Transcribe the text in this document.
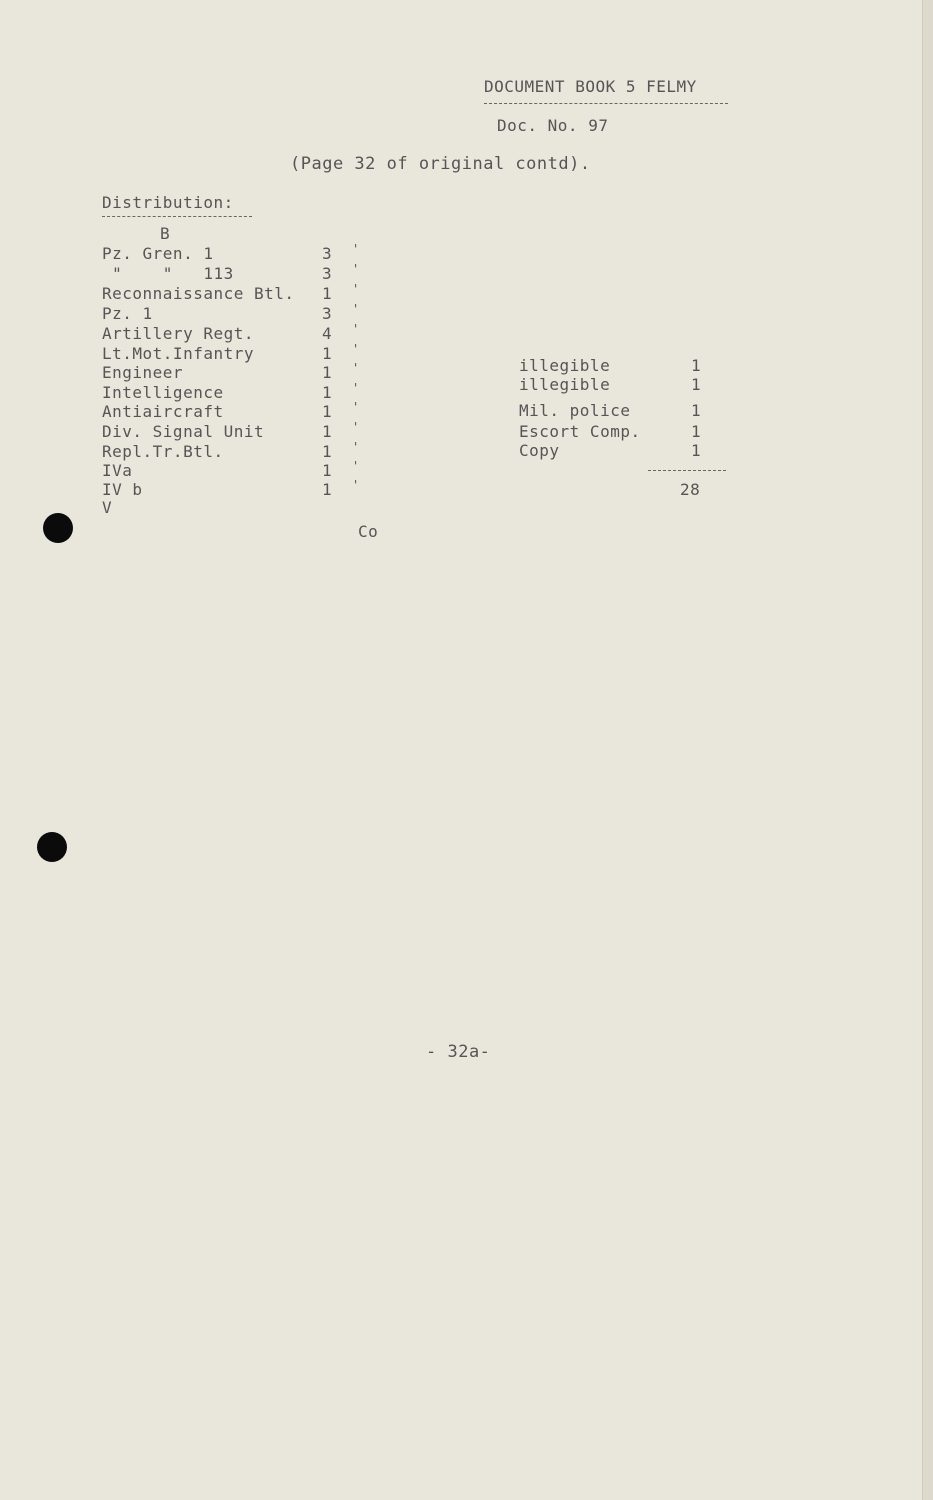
DOCUMENT BOOK 5 FELMY
Doc. No. 97
(Page 32 of original contd).
Distribution:
B
Pz. Gren. 1	3 '
"    "   113	3 '
Reconnaissance Btl. 1 '
Pz. 1	3 '
Artillery Regt.	4 '
Lt.Mot.Infantry	1 '
Engineer	1 '
Intelligence	1 '
Antiaircraft	1 '
Div. Signal Unit	1 '
Repl.Tr.Btl.	1 '
IVa	1 '
IV b	1 '
V
Co
illegible	1
illegible	1
Mil. police	1
Escort Comp.	1
Copy	1
28
- 32a-
